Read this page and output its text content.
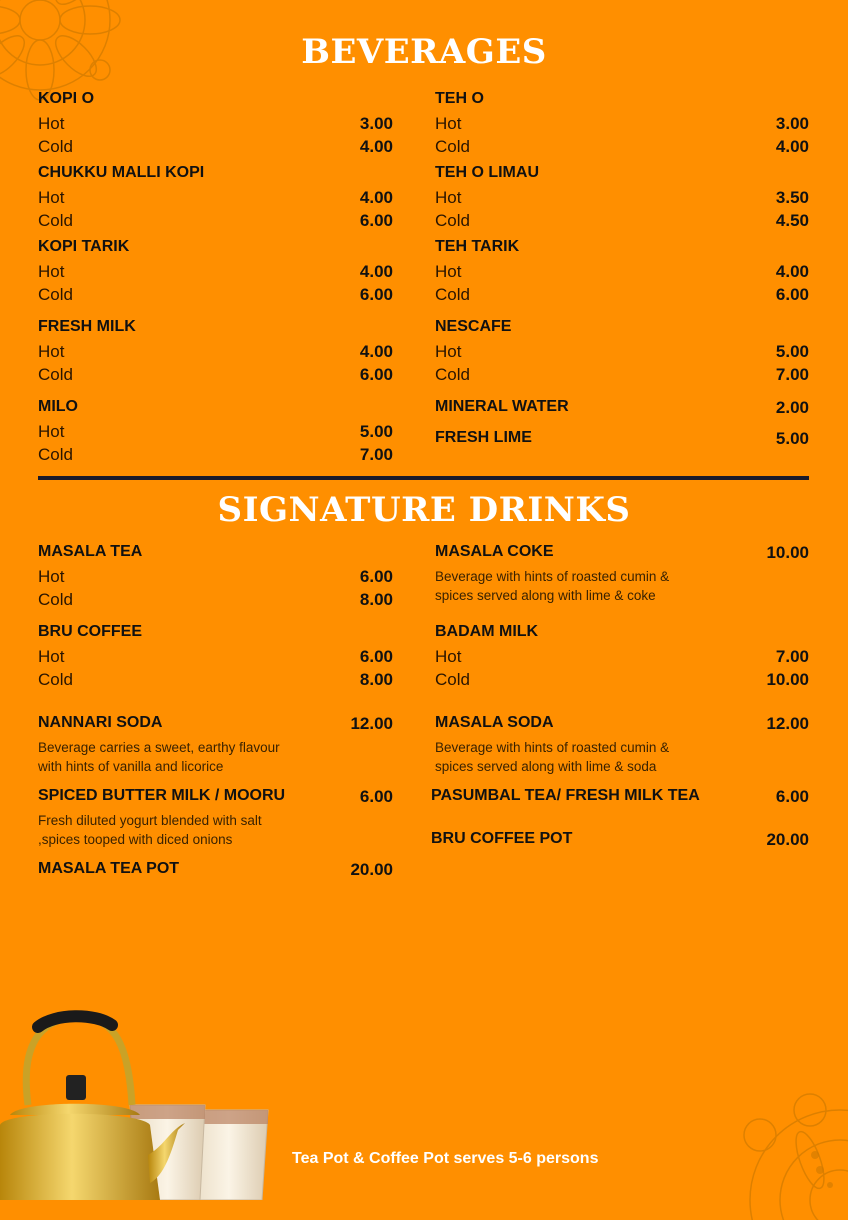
BEVERAGES
KOPI O
Hot	3.00
Cold	4.00
CHUKKU MALLI KOPI
Hot	4.00
Cold	6.00
KOPI TARIK
Hot	4.00
Cold	6.00
FRESH MILK
Hot	4.00
Cold	6.00
MILO
Hot	5.00
Cold	7.00
TEH O
Hot	3.00
Cold	4.00
TEH O LIMAU
Hot	3.50
Cold	4.50
TEH TARIK
Hot	4.00
Cold	6.00
NESCAFE
Hot	5.00
Cold	7.00
MINERAL WATER	2.00
FRESH LIME	5.00
SIGNATURE DRINKS
MASALA TEA
Hot	6.00
Cold	8.00
BRU COFFEE
Hot	6.00
Cold	8.00
NANNARI SODA	12.00
Beverage carries a sweet, earthy flavour
with hints of vanilla and licorice
SPICED BUTTER MILK / MOORU	6.00
Fresh diluted yogurt blended with salt
,spices tooped with diced onions
MASALA TEA POT	20.00
MASALA COKE	10.00
Beverage with hints of roasted cumin &
spices served along with lime & coke
BADAM MILK
Hot	7.00
Cold	10.00
MASALA SODA	12.00
Beverage with hints of roasted cumin &
spices served along with lime & soda
PASUMBAL TEA/ FRESH MILK TEA	6.00
BRU COFFEE POT	20.00
Tea Pot & Coffee Pot serves 5-6 persons
